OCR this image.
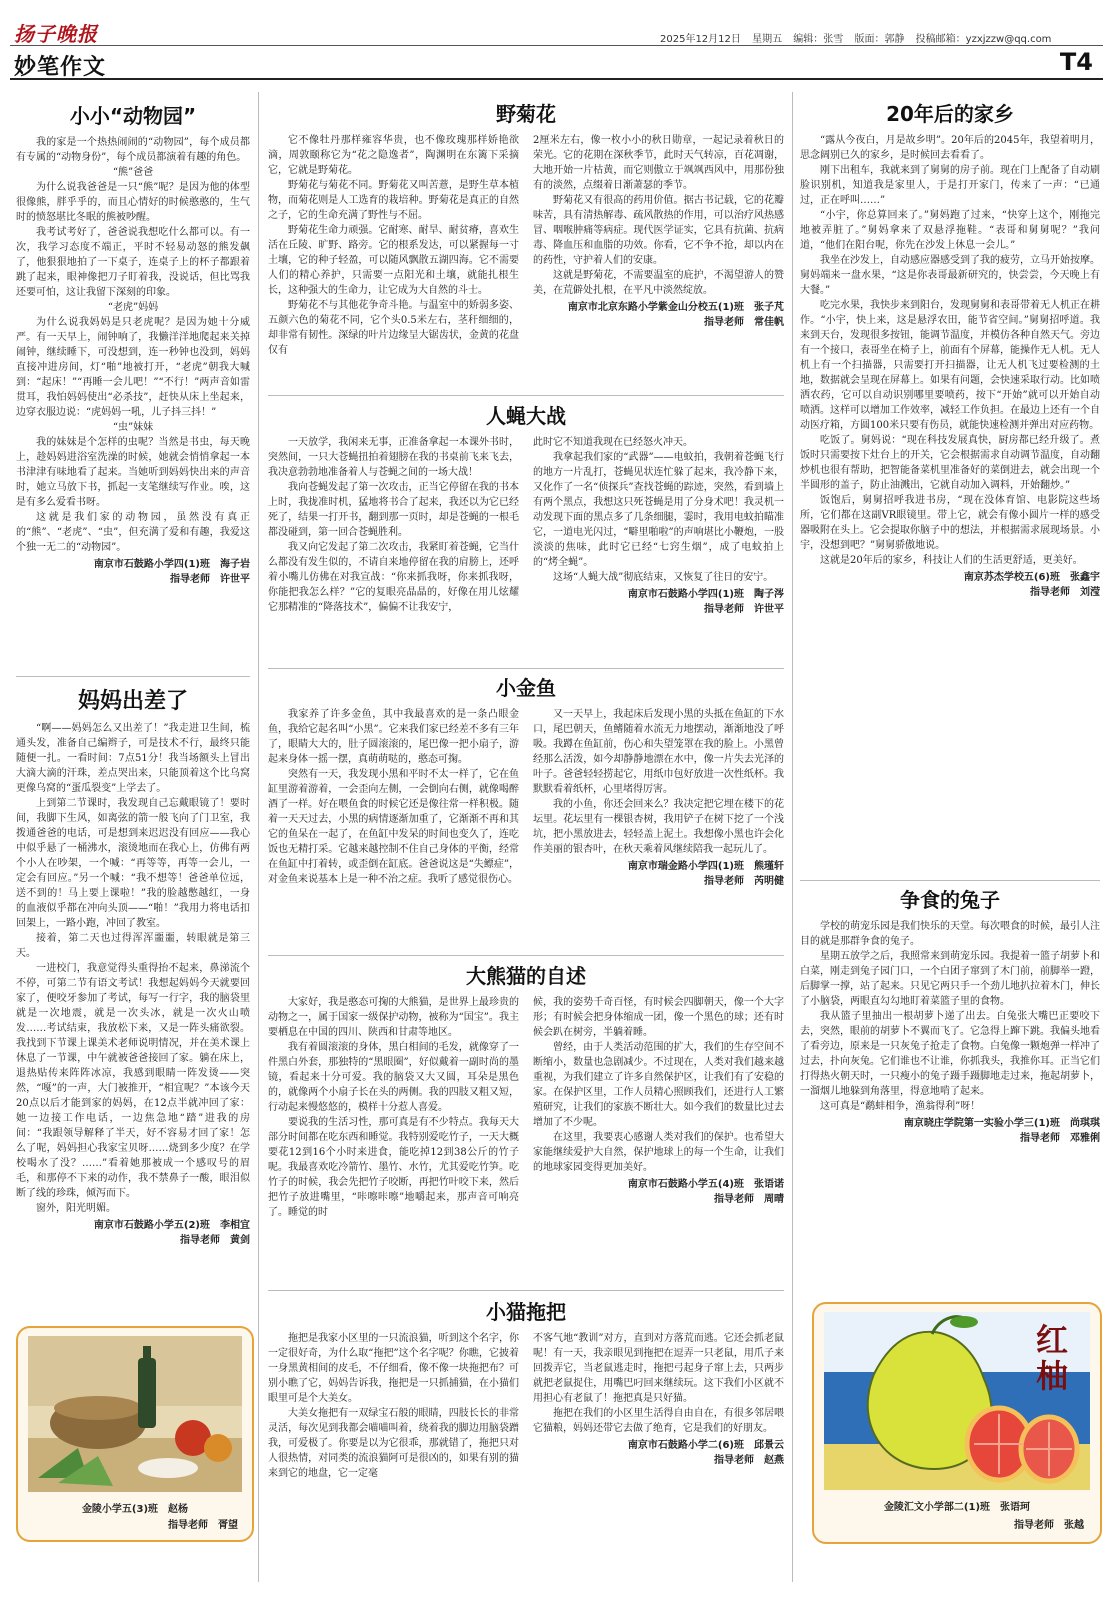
扬子晚报	2025年12月12日 星期五 编辑：张雪 版面：郭静 投稿邮箱：yzxjzzw@qq.com
妙笔作文	T4
小小“动物园”

我的家是一个热热闹闹的“动物园”，每个成员都有专属的“动物身份”，每个成员都演着有趣的角色。

“熊”爸爸

为什么说我爸爸是一只“熊”呢？是因为他的体型很像熊，胖乎乎的，而且心情好的时候憨憨的，生气时的愤怒堪比冬眠的熊被吵醒。

我考试考好了，爸爸说我想吃什么都可以。有一次，我学习态度不端正，平时不轻易动怒的熊发飙了，他狠狠地拍了一下桌子，连桌子上的杯子都跟着跳了起来，眼神像把刀子盯着我，没说话，但比骂我还要可怕，这让我留下深刻的印象。

“老虎”妈妈

为什么说我妈妈是只老虎呢？是因为她十分威严。有一天早上，闹钟响了，我懒洋洋地爬起来关掉闹钟，继续睡下，可没想到，连一秒钟也没到，妈妈直接冲进房间，灯“啪”地被打开，“老虎”朝我大喊到：“起床！”“再睡一会儿吧！”“不行！”两声音如雷贯耳，我怕妈妈使出“必杀技”，赶快从床上坐起来，边穿衣服边说：“虎妈妈一吼，儿子抖三抖！”

“虫”妹妹

我的妹妹是个怎样的虫呢？当然是书虫，每天晚上，趁妈妈进浴室洗澡的时候，她就会悄悄拿起一本书津津有味地看了起来。当她听到妈妈快出来的声音时，她立马放下书，抓起一支笔继续写作业。唉，这是有多么爱看书呀。

这就是我们家的动物园，虽然没有真正的“熊”、“老虎”、“虫”，但充满了爱和有趣，我爱这个独一无二的“动物园”。

南京市石鼓路小学四(1)班　海子岩
指导老师　许世平
妈妈出差了

“啊——妈妈怎么又出差了！”我走进卫生间，梳通头发，准备自己编辫子，可是技术不行，最终只能随便一扎。一看时间：7点51分！我当场额头上冒出大滴大滴的汗珠，差点哭出来，只能顶着这个比乌窝更像乌窝的“蛋瓜裂变”上学去了。

上到第二节课时，我发现自己忘戴眼镜了！要时间，我脚下生风，如离弦的箭一般飞向了门卫室，我拨通爸爸的电话，可是想到来迟迟没有回应——我心中似乎悬了一桶沸水，滚烫地而在我心上，仿佛有两个小人在吵架，一个喊：“再等等，再等一会儿，一定会有回应。”另一个喊：“我不想等！爸爸单位远，送不到的！马上要上课啦！”我的脸越憋越红，一身的血液似乎都在冲向头顶——“啪！”我用力将电话扣回架上，一路小跑，冲回了教室。

接着，第二天也过得浑浑噩噩，转眼就是第三天。

一进校门，我意觉得头重得抬不起来，鼻涕流个不停，可第二节有语文考试！我想起妈妈今天就要回家了，便咬牙参加了考试，每写一行字，我的脑袋里就是一次地震，就是一次头冰，就是一次火山喷发……考试结束，我放松下来，又是一阵头痛欲裂。我找到下节课上课美术老师说明情况，并在美术课上休息了一节课，中午就被爸爸接回了家。躺在床上，退热贴传来阵阵冰凉，我感到眼睛一阵发烫——突然，“嘎”的一声，大门被推开，“相宜呢？”本该今天20点以后才能到家的妈妈，在12点半就冲回了家：她一边接工作电话，一边焦急地“踏”进我的房间：“我跟领导解释了半天，好不容易才回了家！怎么了呢，妈妈担心我家宝贝呀……烧到多少度？在学校喝水了没？……”看着她那被成一个感叹号的眉毛，和那停不下来的动作，我不禁鼻子一酸，眼泪似断了线的珍珠，倾泻而下。

窗外，阳光明媚。

南京市石鼓路小学五(2)班　李相宜
指导老师　黄剑
金陵小学五(3)班　赵杨
指导老师　胥望
野菊花

它不像牡丹那样雍容华贵，也不像玫瑰那样娇艳欲滴，周敦颐称它为“花之隐逸者”，陶渊明在东篱下采摘它，它就是野菊花。

野菊花与菊花不同。野菊花又叫苦薏，是野生草本植物，而菊花则是人工选育的栽培种。野菊花是真正的自然之子，它的生命充满了野性与不屈。

野菊花生命力顽强。它耐寒、耐旱、耐贫瘠，喜欢生活在丘陵、旷野、路旁。它的根系发达，可以紧握每一寸土壤，它的种子轻盈，可以随风飘散五湖四海。它不需要人们的精心养护，只需要一点阳光和土壤，就能扎根生长，这种强大的生命力，让它成为大自然的斗士。

野菊花不与其他花争奇斗艳。与温室中的娇弱多姿、五颜六色的菊花不同，它个头0.5米左右，茎秆细细的，却非常有韧性。深绿的叶片边缘呈大锯齿状，金黄的花盘仅有

2厘米左右，像一枚小小的秋日勋章，一起记录着秋日的荣光。它的花期在深秋季节，此时天气转凉，百花凋谢，大地开始一片枯黄，而它则傲立于飒飒西风中，用那份独有的淡然，点缀着日渐萧瑟的季节。

野菊花又有很高的药用价值。据古书记载，它的花瓣味苦，具有清热解毒、疏风散热的作用，可以治疗风热感冒、咽喉肿痛等病症。现代医学证实，它具有抗菌、抗病毒、降血压和血脂的功效。你看，它不争不抢，却以内在的药性，守护着人们的安康。

这就是野菊花，不需要温室的庇护，不渴望游人的赞美，在荒僻处扎根，在平凡中淡然绽放。

南京市北京东路小学紫金山分校五(1)班　张子芃
指导老师　常佳帆
人蝇大战

一天放学，我闲来无事，正准备拿起一本课外书时，突然间，一只大苍蝇扭拍着翅膀在我的书桌前飞来飞去，我决意勃勃地准备着人与苍蝇之间的一场大战！

我向苍蝇发起了第一次攻击，正当它停留在我的书本上时，我拢准时机，猛地将书合了起来，我还以为它已经死了，结果一打开书，翻到那一页时，却是苍蝇的一根毛都没碰到，第一回合苍蝇胜利。

我又向它发起了第二次攻击，我紧盯着苍蝇，它当什么都没有发生似的，不请自来地停留在我的肩膀上，还呼着小嘴儿仿佛在对我宣战：“你来抓我呀，你来抓我呀，你能把我怎么样？”它的复眼亮晶晶的，好像在用儿炫耀它那精准的“降落技术”，偏偏不让我安宁，

此时它不知道我现在已经怒火冲天。

我拿起我们家的“武器”——电蚊拍，我朝着苍蝇飞行的地方一片乱打，苍蝇见状连忙躲了起来，我冷静下来，又化作了一名“侦探兵”查找苍蝇的踪迹，突然，看到墙上有两个黑点，我想这只死苍蝇是用了分身术吧！我灵机一动发现下面的黑点多了几条细腿，霎时，我用电蚊拍瞄准它，一道电光闪过，“噼里啪啦”的声响堪比小鞭炮，一股淡淡的焦味，此时它已经“七窍生烟”，成了电蚊拍上的“烤全蝇”。

这场“人蝇大战”彻底结束，又恢复了往日的安宁。

南京市石鼓路小学四(1)班　陶子涔
指导老师　许世平
小金鱼

我家养了许多金鱼，其中我最喜欢的是一条凸眼金鱼，我给它起名叫“小黑”。它来我们家已经差不多有三年了，眼睛大大的，肚子圆滚滚的，尾巴像一把小扇子，游起来身体一摇一摆，真萌萌哒的，憨态可掬。

突然有一天，我发现小黑和平时不太一样了，它在鱼缸里游着游着，一会歪向左侧，一会倒向右侧，就像喝醉酒了一样。好在喂鱼食的时候它还是像往常一样积极。随着一天天过去，小黑的病情逐渐加重了，它渐渐不再和其它的鱼呆在一起了，在鱼缸中发呆的时间也变久了，连吃饭也无精打采。它越来越控制不住自己身体的平衡，经常在鱼缸中打着转，或歪倒在缸底。爸爸说这是“失鳔症”，对金鱼来说基本上是一种不治之症。我听了感觉很伤心。

又一天早上，我起床后发现小黑的头抵在鱼缸的下水口，尾巴朝天，鱼鳍随着水流无力地摆动，渐渐地没了呼吸。我蹲在鱼缸前，伤心和失望笼罩在我的脸上。小黑曾经那么活泼，如今却静静地漂在水中，像一片失去光泽的叶子。爸爸轻轻捞起它，用纸巾包好放进一次性纸杯。我默默看着纸杯，心里堵得厉害。

我的小鱼，你还会回来么？我决定把它埋在楼下的花坛里。花坛里有一棵银杏树，我用铲子在树下挖了一个浅坑，把小黑放进去，轻轻盖上泥土。我想像小黑也许会化作美丽的银杏叶，在秋天乘着风继续陪我一起玩儿了。

南京市瑞金路小学四(1)班　熊瑾轩
指导老师　芮明健
大熊猫的自述

大家好，我是憨态可掬的大熊猫，是世界上最珍贵的动物之一，属于国家一级保护动物，被称为“国宝”。我主要栖息在中国的四川、陕西和甘肃等地区。

我有着圆滚滚的身体，黑白相间的毛发，就像穿了一件黑白外套，那独特的“黑眼圈”，好似戴着一副时尚的墨镜，看起来十分可爱。我的脑袋又大又圆，耳朵是黑色的，就像两个小扇子长在头的两侧。我的四肢又粗又短，行动起来慢悠悠的，模样十分惹人喜爱。

要说我的生活习性，那可真是有不少特点。我每天大部分时间都在吃东西和睡觉。我特别爱吃竹子，一天大概要花12到16个小时来进食，能吃掉12到38公斤的竹子呢。我最喜欢吃冷箭竹、墨竹、水竹，尤其爱吃竹笋。吃竹子的时候，我会先把竹子咬断，再把竹叶咬下来，然后把竹子放进嘴里，“咔嚓咔嚓”地嚼起来，那声音可响亮了。睡觉的时

候，我的姿势千奇百怪，有时候会四脚朝天，像一个大字形；有时候会把身体缩成一团，像一个黑色的球；还有时候会趴在树旁，半躺着睡。

曾经，由于人类活动范围的扩大，我们的生存空间不断缩小，数量也急剧减少。不过现在，人类对我们越来越重视，为我们建立了许多自然保护区，让我们有了安稳的家。在保护区里，工作人员精心照顾我们，还进行人工繁殖研究，让我们的家族不断壮大。如今我们的数量比过去增加了不少呢。

在这里，我要衷心感谢人类对我们的保护。也希望大家能继续爱护大自然，保护地球上的每一个生命，让我们的地球家园变得更加美好。

南京市石鼓路小学五(4)班　张语诺
指导老师　周晴
小猫拖把

拖把是我家小区里的一只流浪猫，听到这个名字，你一定很好奇，为什么取“拖把”这个名字呢？你瞧，它披着一身黑黄相间的皮毛，不仔细看，像不像一块拖把布？可别小瞧了它，妈妈告诉我，拖把是一只抓捕猫，在小猫们眼里可是个大美女。

大美女拖把有一双绿宝石般的眼睛，四肢长长的非常灵活，每次见到我都会喵喵叫着，绕着我的脚边用脑袋蹭我，可爱极了。你要是以为它很乖，那就错了，拖把只对人很热情，对同类的流浪猫阿可是很凶的，如果有别的猫来到它的地盘，它一定毫

不客气地“教训”对方，直到对方落荒而逃。它还会抓老鼠呢！有一天，我亲眼见到拖把在逗弄一只老鼠，用爪子来回拨弄它，当老鼠逃走时，拖把弓起身子窜上去，只两步就把老鼠捉住，用嘴巴叼回来继续玩。这下我们小区就不用担心有老鼠了！拖把真是只好猫。

拖把在我们的小区里生活得自由自在，有很多邻居喂它猫粮，妈妈还带它去做了绝育，它是我们的好朋友。

南京市石鼓路小学二(6)班　邱景云
指导老师　赵燕
20年后的家乡

“露从今夜白，月是故乡明”。20年后的2045年，我望着明月，思念阔别已久的家乡，是时候回去看看了。

刚下出租车，我就来到了舅舅的房子前。现在门上配备了自动刷脸识别机，知道我是家里人，于是打开家门，传来了一声：“已通过，正在呼叫……”

“小宇，你总算回来了。”舅妈跑了过来，“快穿上这个，刚拖完地被弄脏了。”舅妈拿来了双悬浮拖鞋。“表哥和舅舅呢？”我问道，“他们在阳台呢，你先在沙发上休息一会儿。”

我坐在沙发上，自动感应器感受到了我的疲劳，立马开始按摩。舅妈端来一盘水果，“这是你表哥最新研究的，快尝尝，今天晚上有大餐。”

吃完水果，我快步来到阳台，发现舅舅和表哥带着无人机正在耕作。“小宇，快上来，这是悬浮农田，能节省空间。”舅舅招呼道。我来到天台，发现很多按钮，能调节温度，并模仿各种自然天气。旁边有一个接口，表哥坐在椅子上，前面有个屏幕，能操作无人机。无人机上有一个扫描器，只需要打开扫描器，让无人机飞过要检测的土地，数据就会呈现在屏幕上。如果有问题，会快速采取行动。比如喷洒农药，它可以自动识别哪里要喷药，按下“开始”就可以开始自动喷洒。这样可以增加工作效率，减轻工作负担。在最边上还有一个自动医疗箱，方圆100米只要有伤员，就能快速检测并弹出对应药物。

吃饭了。舅妈说：“现在科技发展真快，厨房都已经升级了。煮饭时只需要按下灶台上的开关，它会根据需求自动调节温度，自动翻炒机也很有帮助，把智能备菜机里准备好的菜倒进去，就会出现一个半圆形的盖子，防止油溅出，它就自动加入调料，开始翻炒。”

饭饱后，舅舅招呼我进书房，“现在没体育馆、电影院这些场所，它们都在这副VR眼镜里。带上它，就会有像小圆片一样的感受器吸附在头上。它会提取你脑子中的想法，并根据需求展现场景。小宇，没想到吧？”舅舅骄傲地说。

这就是20年后的家乡，科技让人们的生活更舒适，更美好。

南京苏杰学校五(6)班　张鑫宇
指导老师　刘滢
争食的兔子

学校的萌宠乐园是我们快乐的天堂。每次喂食的时候，最引人注目的就是那群争食的兔子。

星期五放学之后，我照常来到萌宠乐园。我提着一篮子胡萝卜和白菜，刚走到兔子园门口，一个白团子窜到了木门前，前脚举一蹬，后脚掌一撑，站了起来。只见它两只手一个劲儿地扒拉着木门，伸长了小脑袋，两眼直勾勾地盯着菜篮子里的食物。

我从篮子里抽出一根胡萝卜递了出去。白兔张大嘴巴正要咬下去，突然，眼前的胡萝卜不翼而飞了。它急得上蹿下跳。我偏头地看了看旁边，原来是一只灰兔子抢走了食物。白兔像一颗炮弹一样冲了过去，扑向灰兔。它们谁也不让谁，你抓我头，我推你耳。正当它们打得热火朝天时，一只瘦小的兔子蹑手蹑脚地走过来，拖起胡萝卜，一溜烟儿地躲到角落里，得意地啃了起来。

这可真是“鹬蚌相争，渔翁得利”呀！

南京晓庄学院第一实验小学三(1)班　尚琪琪
指导老师　邓雅俐
红柚
金陵汇文小学部二(1)班　张语珂
指导老师　张越
